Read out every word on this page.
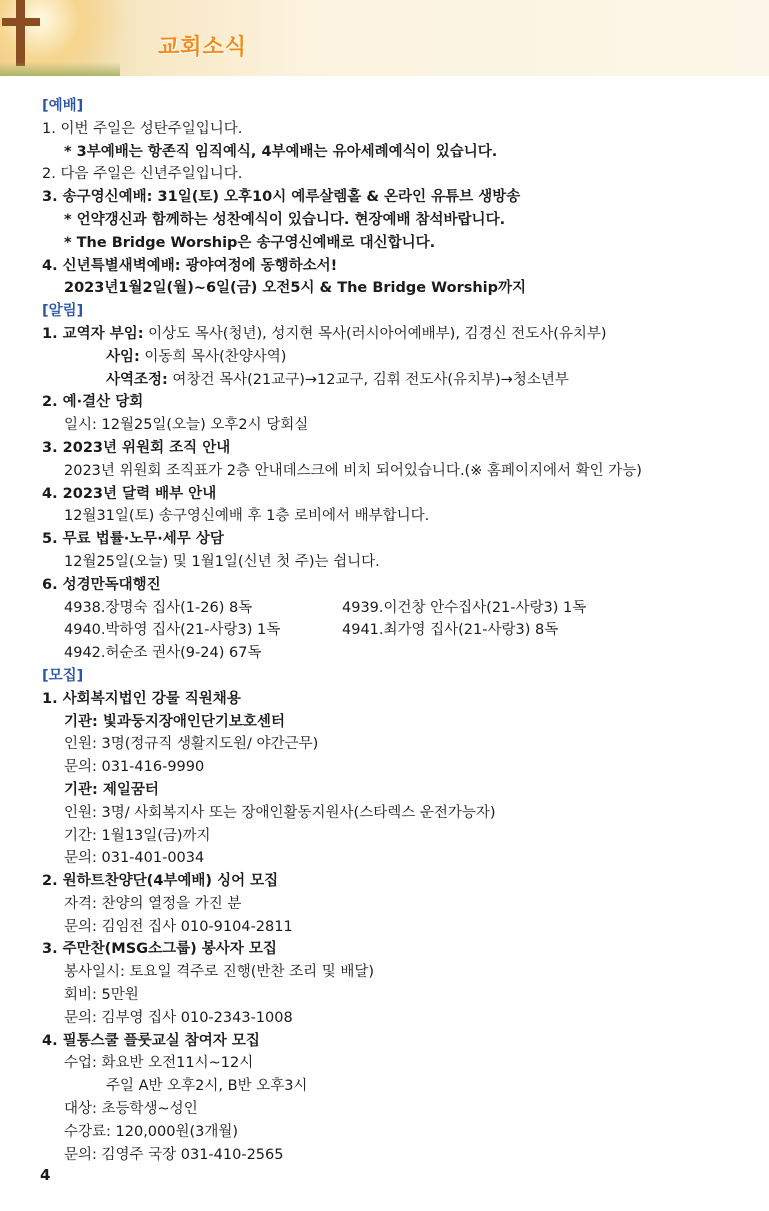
교회소식
[예배]
1. 이번 주일은 성탄주일입니다.
* 3부예배는 항존직 임직예식, 4부예배는 유아세례예식이 있습니다.
2. 다음 주일은 신년주일입니다.
3. 송구영신예배: 31일(토) 오후10시 예루살렘홀 & 온라인 유튜브 생방송
* 언약갱신과 함께하는 성찬예식이 있습니다. 현장예배 참석바랍니다.
* The Bridge Worship은 송구영신예배로 대신합니다.
4. 신년특별새벽예배: 광야여정에 동행하소서!
2023년1월2일(월)~6일(금) 오전5시 & The Bridge Worship까지
[알림]
1. 교역자 부임: 이상도 목사(청년), 성지현 목사(러시아어예배부), 김경신 전도사(유치부)
사임: 이동희 목사(찬양사역)
사역조정: 여창건 목사(21교구)→12교구, 김휘 전도사(유치부)→청소년부
2. 예·결산 당회
일시: 12월25일(오늘) 오후2시 당회실
3. 2023년 위원회 조직 안내
2023년 위원회 조직표가 2층 안내데스크에 비치 되어있습니다.(※ 홈페이지에서 확인 가능)
4. 2023년 달력 배부 안내
12월31일(토) 송구영신예배 후 1층 로비에서 배부합니다.
5. 무료 법률·노무·세무 상담
12월25일(오늘) 및 1월1일(신년 첫 주)는 쉽니다.
6. 성경만독대행진
4938.장명숙 집사(1-26) 8독	4939.이건창 안수집사(21-사랑3) 1독
4940.박하영 집사(21-사랑3) 1독	4941.최가영 집사(21-사랑3) 8독
4942.허순조 권사(9-24) 67독
[모집]
1. 사회복지법인 강물 직원채용
기관: 빛과둥지장애인단기보호센터
인원: 3명(정규직 생활지도원/ 야간근무)
문의: 031-416-9990
기관: 제일꿈터
인원: 3명/ 사회복지사 또는 장애인활동지원사(스타렉스 운전가능자)
기간: 1월13일(금)까지
문의: 031-401-0034
2. 원하트찬양단(4부예배) 싱어 모집
자격: 찬양의 열정을 가진 분
문의: 김임전 집사 010-9104-2811
3. 주만찬(MSG소그룹) 봉사자 모집
봉사일시: 토요일 격주로 진행(반찬 조리 및 배달)
회비: 5만원
문의: 김부영 집사 010-2343-1008
4. 필통스쿨 플룻교실 참여자 모집
수업: 화요반 오전11시~12시
주일 A반 오후2시, B반 오후3시
대상: 초등학생~성인
수강료: 120,000원(3개월)
문의: 김영주 국장 031-410-2565
4
